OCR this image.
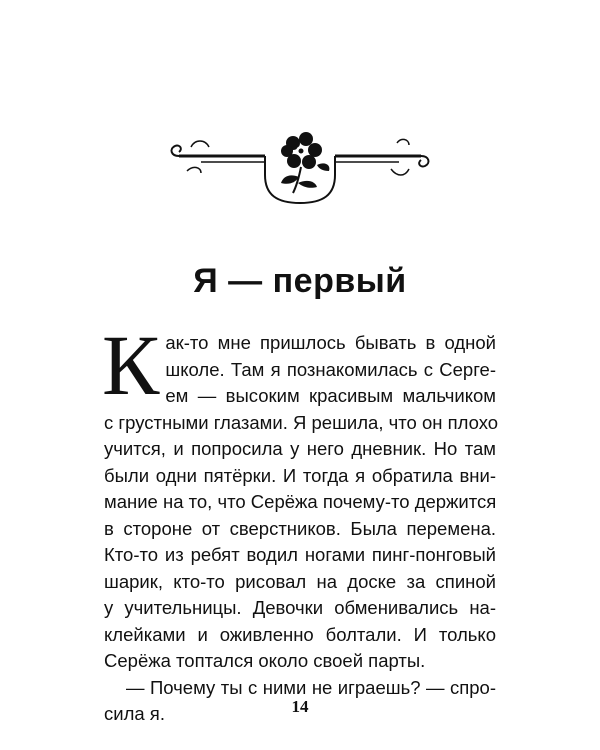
Я — первый
К ак-то мне пришлось бывать в одной
школе. Там я познакомилась с Серге-
ем — высоким красивым мальчиком
с грустными глазами. Я решила, что он плохо
учится, и попросила у него дневник. Но там
были одни пятёрки. И тогда я обратила вни-
мание на то, что Серёжа почему-то держится
в стороне от сверстников. Была перемена.
Кто-то из ребят водил ногами пинг-понговый
шарик, кто-то рисовал на доске за спиной
у учительницы. Девочки обменивались на-
клейками и оживленно болтали. И только
Серёжа топтался около своей парты.
— Почему ты с ними не играешь? — спро-
сила я.	14
